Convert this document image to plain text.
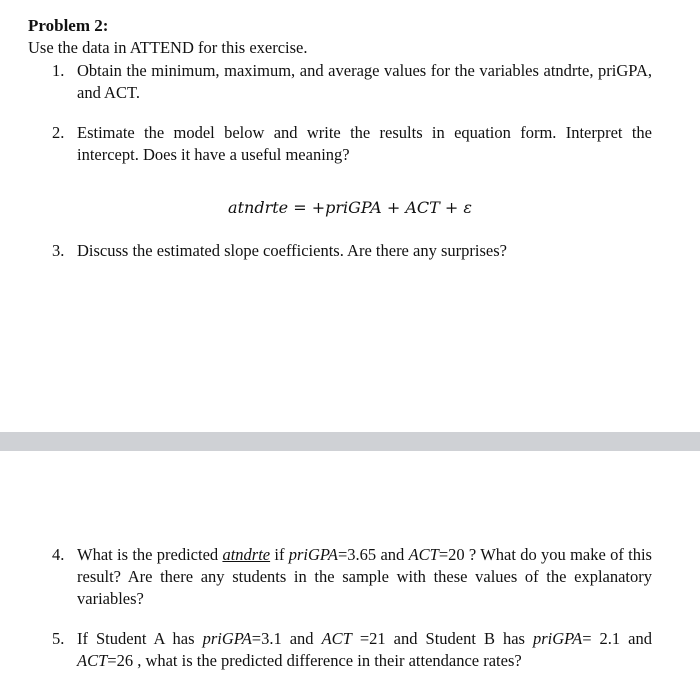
Problem 2:
Use the data in ATTEND for this exercise.
1. Obtain the minimum, maximum, and average values for the variables atndrte, priGPA, and ACT.
2. Estimate the model below and write the results in equation form. Interpret the intercept. Does it have a useful meaning?
atndrte = +priGPA + ACT + ε
3. Discuss the estimated slope coefficients. Are there any surprises?
4. What is the predicted atndrte if priGPA=3.65 and ACT=20 ? What do you make of this result? Are there any students in the sample with these values of the explanatory variables?
5. If Student A has priGPA=3.1 and ACT =21 and Student B has priGPA= 2.1 and ACT=26 , what is the predicted difference in their attendance rates?
